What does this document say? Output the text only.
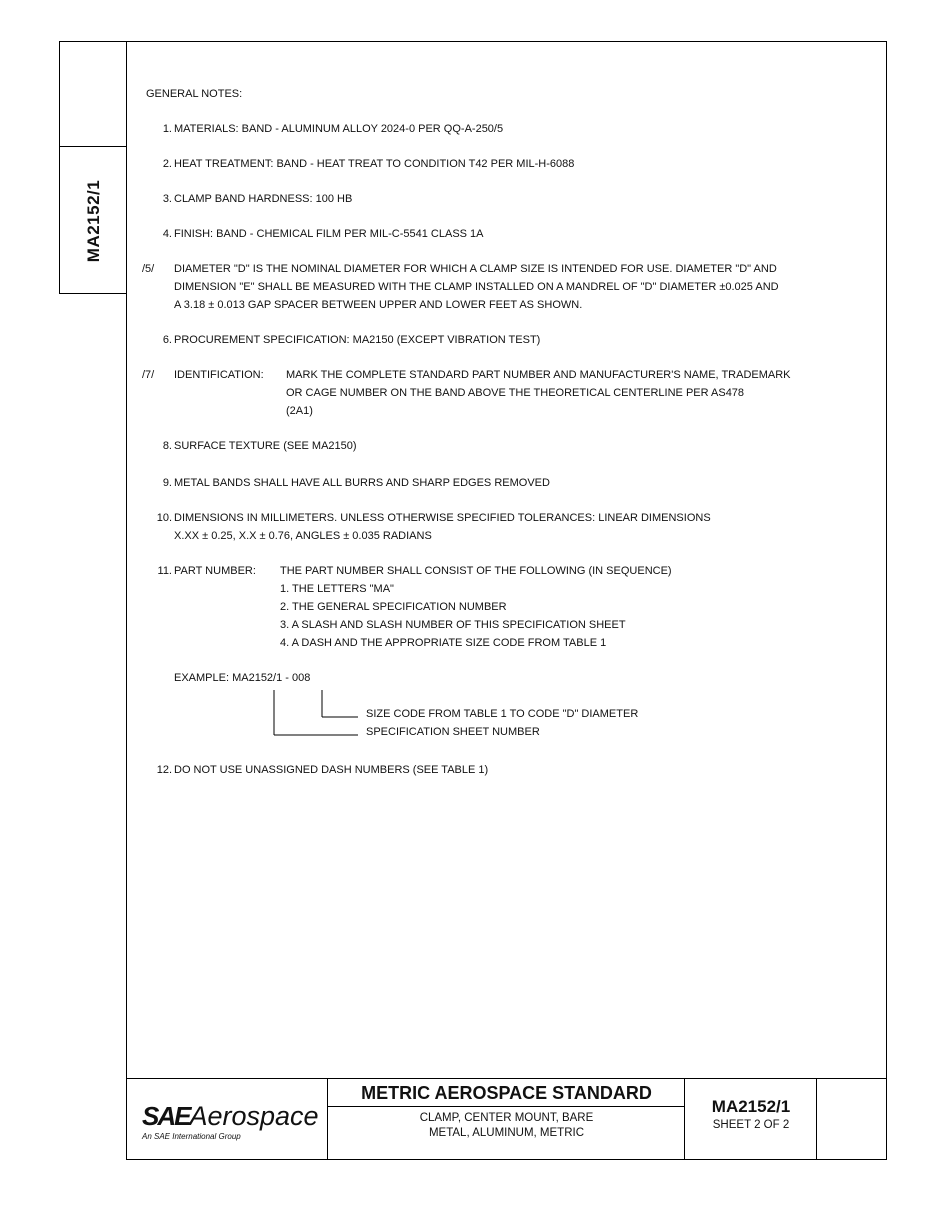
MA2152/1
GENERAL NOTES:
1. MATERIALS: BAND - ALUMINUM ALLOY 2024-0 PER QQ-A-250/5
2. HEAT TREATMENT: BAND - HEAT TREAT TO CONDITION T42 PER MIL-H-6088
3. CLAMP BAND HARDNESS: 100 HB
4. FINISH: BAND - CHEMICAL FILM PER MIL-C-5541 CLASS 1A
/5/	DIAMETER "D" IS THE NOMINAL DIAMETER FOR WHICH A CLAMP SIZE IS INTENDED FOR USE. DIAMETER "D" AND
DIMENSION "E" SHALL BE MEASURED WITH THE CLAMP INSTALLED ON A MANDREL OF "D" DIAMETER ±0.025 AND
A 3.18 ± 0.013 GAP SPACER BETWEEN UPPER AND LOWER FEET AS SHOWN.
6. PROCUREMENT SPECIFICATION: MA2150 (EXCEPT VIBRATION TEST)
/7/	IDENTIFICATION: MARK THE COMPLETE STANDARD PART NUMBER AND MANUFACTURER'S NAME, TRADEMARK
OR CAGE NUMBER ON THE BAND ABOVE THE THEORETICAL CENTERLINE PER AS478
(2A1)
8. SURFACE TEXTURE (SEE MA2150)
9. METAL BANDS SHALL HAVE ALL BURRS AND SHARP EDGES REMOVED
10. DIMENSIONS IN MILLIMETERS. UNLESS OTHERWISE SPECIFIED TOLERANCES: LINEAR DIMENSIONS
X.XX ± 0.25, X.X ± 0.76, ANGLES ± 0.035 RADIANS
11. PART NUMBER: THE PART NUMBER SHALL CONSIST OF THE FOLLOWING (IN SEQUENCE)
1. THE LETTERS "MA"
2. THE GENERAL SPECIFICATION NUMBER
3. A SLASH AND SLASH NUMBER OF THIS SPECIFICATION SHEET
4. A DASH AND THE APPROPRIATE SIZE CODE FROM TABLE 1
12. DO NOT USE UNASSIGNED DASH NUMBERS (SEE TABLE 1)
EXAMPLE: MA2152/1 - 008
SIZE CODE FROM TABLE 1 TO CODE "D" DIAMETER
SPECIFICATION SHEET NUMBER
SAEAerospace
An SAE International Group
METRIC AEROSPACE STANDARD
CLAMP, CENTER MOUNT, BARE
METAL, ALUMINUM, METRIC
MA2152/1
SHEET 2 OF 2
